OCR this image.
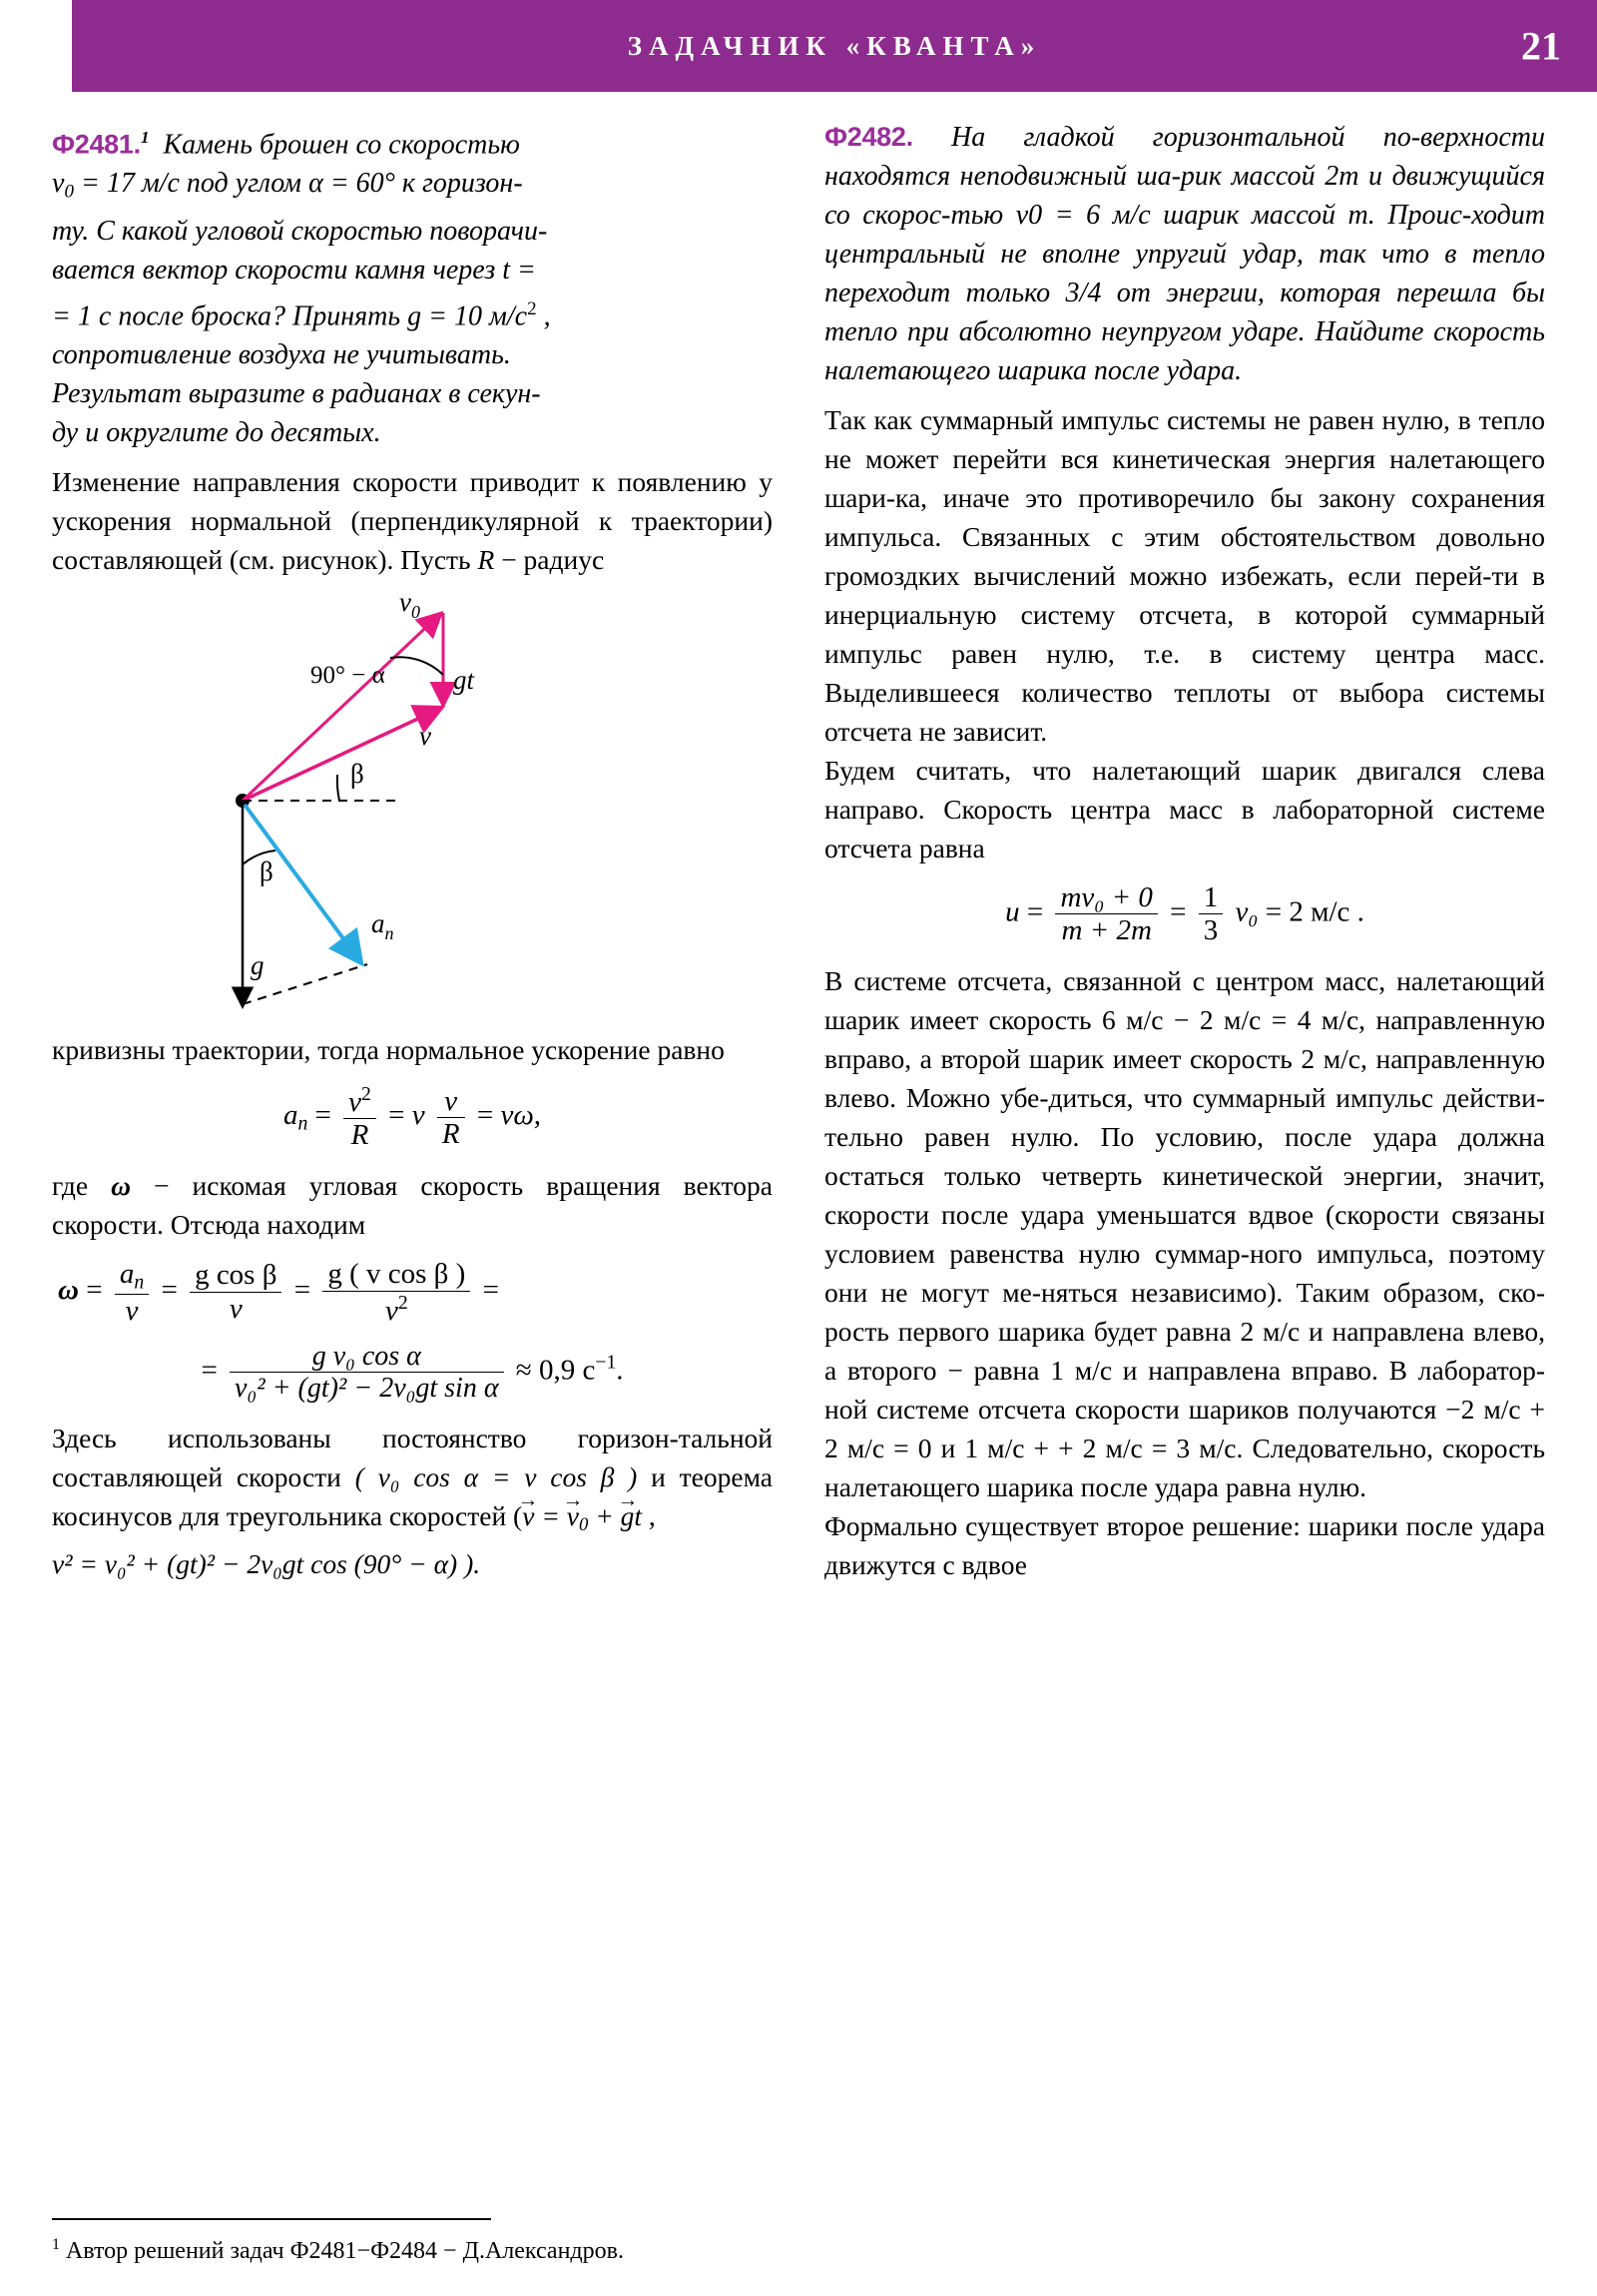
ЗАДАЧНИК «КВАНТА»	21

Ф2481.$^1$ Камень брошен со скоростью
$v_0 = 17$ м/с под углом α = 60° к горизон-
ту. С какой угловой скоростью поворачи-
вается вектор скорости камня через t =
= 1 с после броска? Принять g = 10 $м/с^2$ ,
сопротивление воздуха не учитывать.
Результат выразите в радианах в секун-
ду и округлите до десятых.

Изменение направления скорости приводит к появлению у ускорения нормальной (перпендикулярной к траектории) составляющей (см. рисунок). Пусть R − радиус

$v_0$
gt
90° − α
v
β
β
$a_n$
g

кривизны траектории, тогда нормальное ускорение равно

$a_n = \frac{v^2}{R} = v \frac{v}{R} = v\omega$,

где ω − искомая угловая скорость вращения вектора скорости. Отсюда находим

$\omega = \frac{a_n}{v} = \frac{\text{g cos β}}{v} = \frac{\text{g ( v cos β )}}{v^2}$ =
= $\frac{\text{g v₀ cos α}}{\text{v₀² + (gt)² − 2v₀gt sin α}} \approx 0,9$ $с^{-1}$.

Здесь использованы постоянство горизон-тальной составляющей скорости ( v₀ cos α = v cos β ) и теорема косинусов для треугольника скоростей (v → = $v \to_0 + g \to t$ ,

v² = v₀² + (gt)² − 2v₀gt cos (90° − α) ).

$^1$ Автор решений задач Ф2481−Ф2484 − Д.Александров.

Ф2482. На гладкой горизонтальной по-верхности находятся неподвижный ша-рик массой 2m и движущийся со скорос-тью v0 = 6 м/с шарик массой m. Проис-ходит центральный не вполне упругий удар, так что в тепло переходит только 3/4 от энергии, которая перешла бы тепло при абсолютно неупругом ударе. Найдите скорость налетающего шарика после удара.

Так как суммарный импульс системы не равен нулю, в тепло не может перейти вся кинетическая энергия налетающего шари-ка, иначе это противоречило бы закону сохранения импульса. Связанных с этим обстоятельством довольно громоздких вычислений можно избежать, если перей-ти в инерциальную систему отсчета, в которой суммарный импульс равен нулю, т.е. в систему центра масс. Выделившееся количество теплоты от выбора системы отсчета не зависит.

Будем считать, что налетающий шарик двигался слева направо. Скорость центра масс в лабораторной системе отсчета равна

$u = \frac{\text{mv₀ + 0}}{m + 2m} = \frac{1}{3} v_0 = 2$ м/с .

В системе отсчета, связанной с центром масс, налетающий шарик имеет скорость 6 м/с − 2 м/с = 4 м/с, направленную вправо, а второй шарик имеет скорость 2 м/с, направленную влево. Можно убе-диться, что суммарный импульс действи-тельно равен нулю. По условию, после удара должна остаться только четверть кинетической энергии, значит, скорости после удара уменьшатся вдвое (скорости связаны условием равенства нулю суммар-ного импульса, поэтому они не могут ме-няться независимо). Таким образом, ско-рость первого шарика будет равна 2 м/с и направлена влево, а второго − равна 1 м/с и направлена вправо. В лаборатор-ной системе отсчета скорости шариков получаются −2 м/с + 2 м/с = 0 и 1 м/с + + 2 м/с = 3 м/с. Следовательно, скорость налетающего шарика после удара равна нулю.

Формально существует второе решение: шарики после удара движутся с вдвое
